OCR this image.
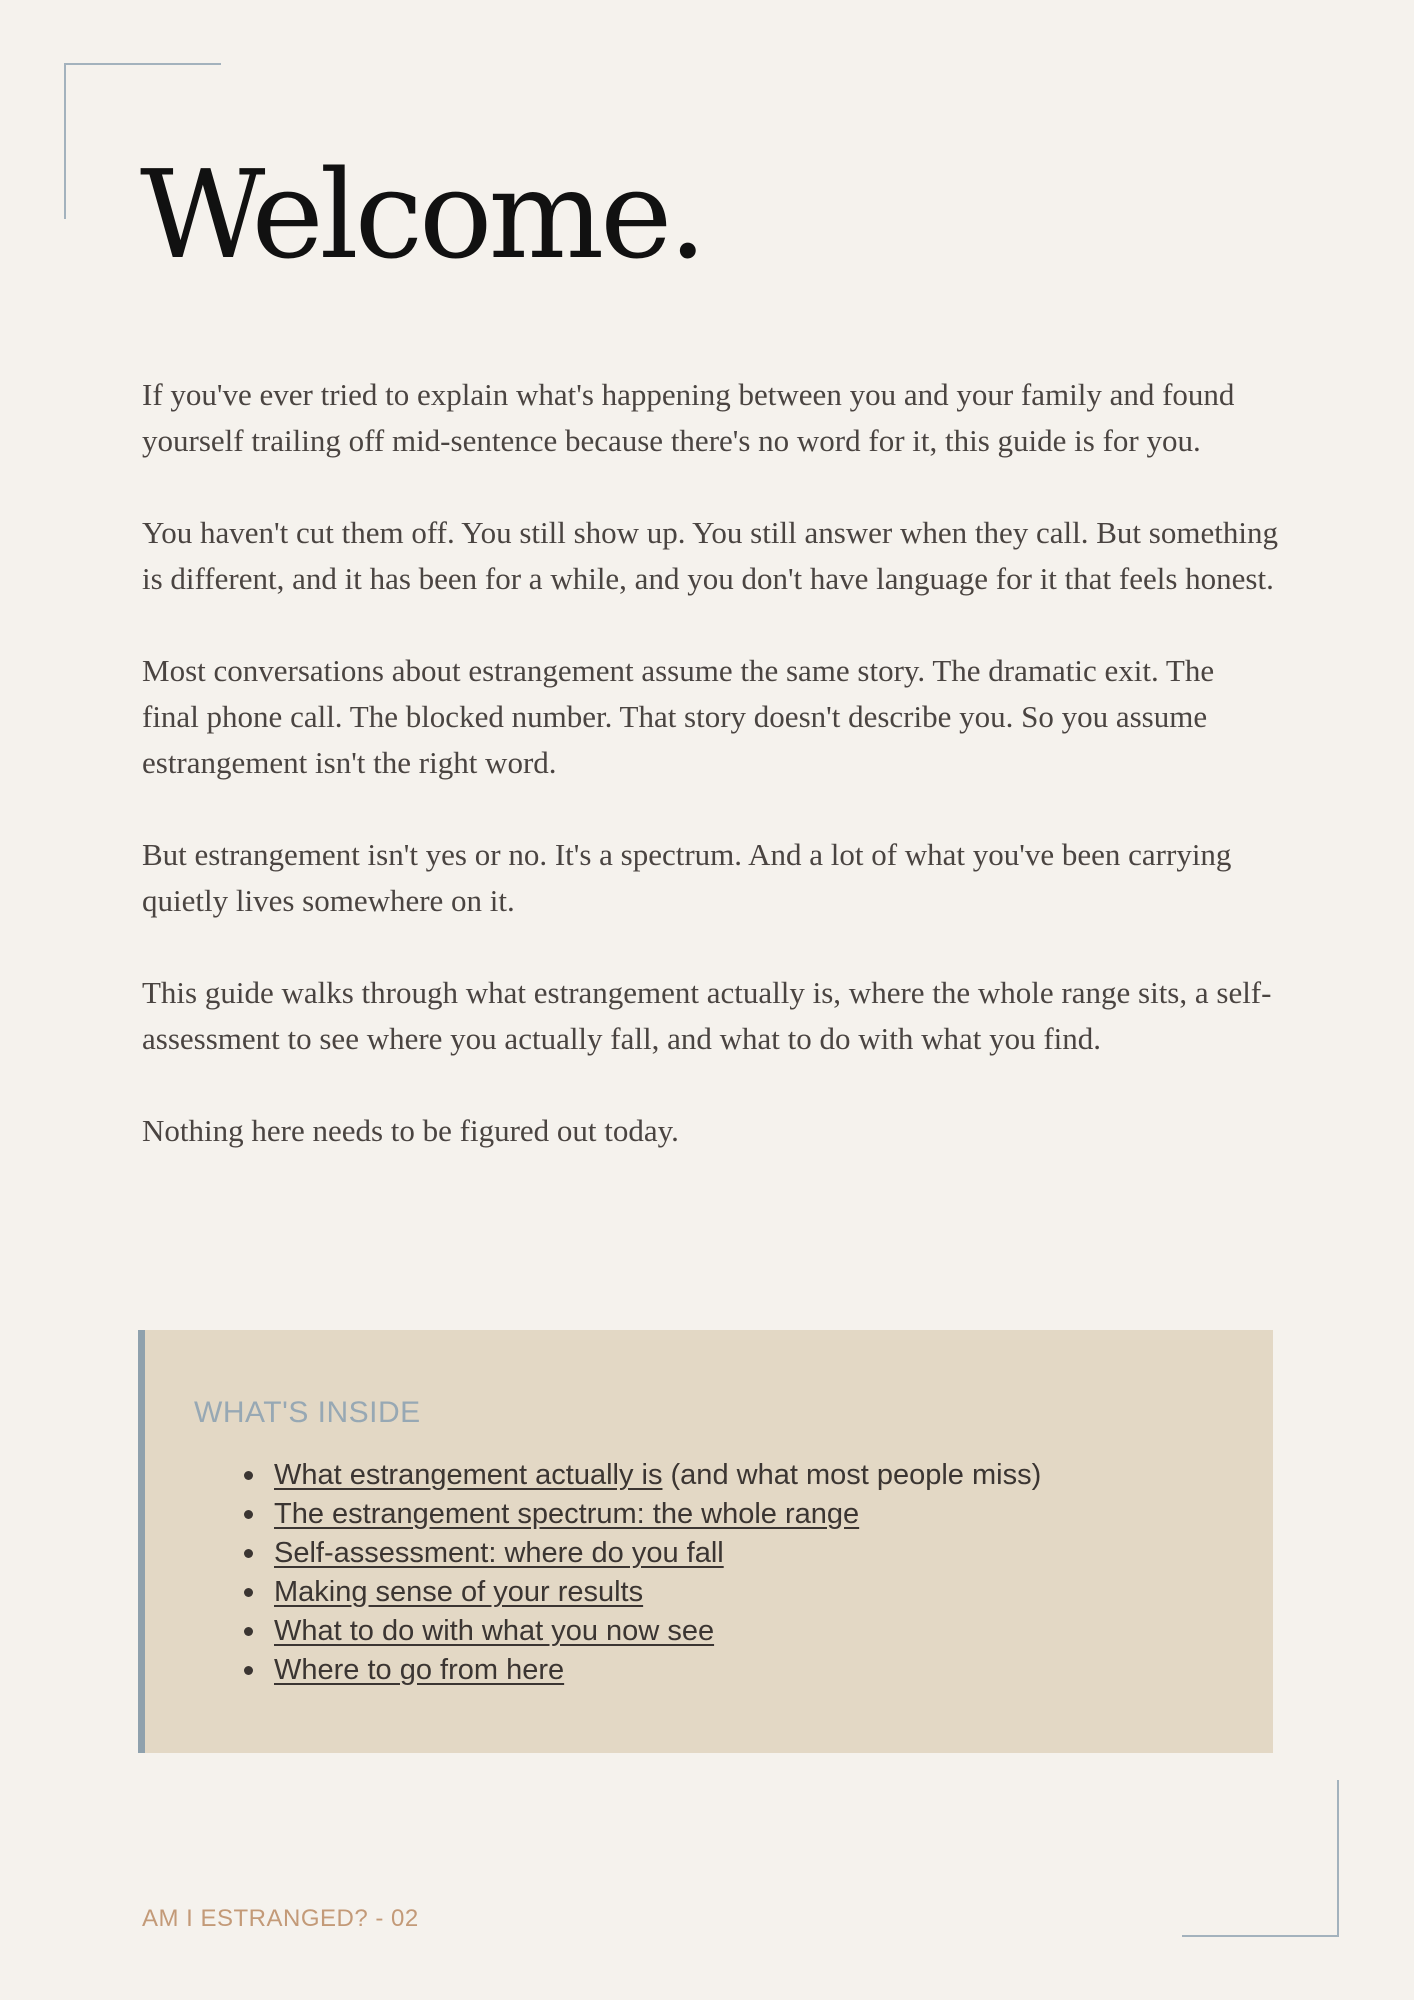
Welcome.

If you've ever tried to explain what's happening between you and your family and found yourself trailing off mid-sentence because there's no word for it, this guide is for you.

You haven't cut them off. You still show up. You still answer when they call. But something is different, and it has been for a while, and you don't have language for it that feels honest.

Most conversations about estrangement assume the same story. The dramatic exit. The final phone call. The blocked number. That story doesn't describe you. So you assume estrangement isn't the right word.

But estrangement isn't yes or no. It's a spectrum. And a lot of what you've been carrying quietly lives somewhere on it.

This guide walks through what estrangement actually is, where the whole range sits, a self-assessment to see where you actually fall, and what to do with what you find.

Nothing here needs to be figured out today.

WHAT'S INSIDE
What estrangement actually is (and what most people miss)
The estrangement spectrum: the whole range
Self-assessment: where do you fall
Making sense of your results
What to do with what you now see
Where to go from here
AM I ESTRANGED? - 02
